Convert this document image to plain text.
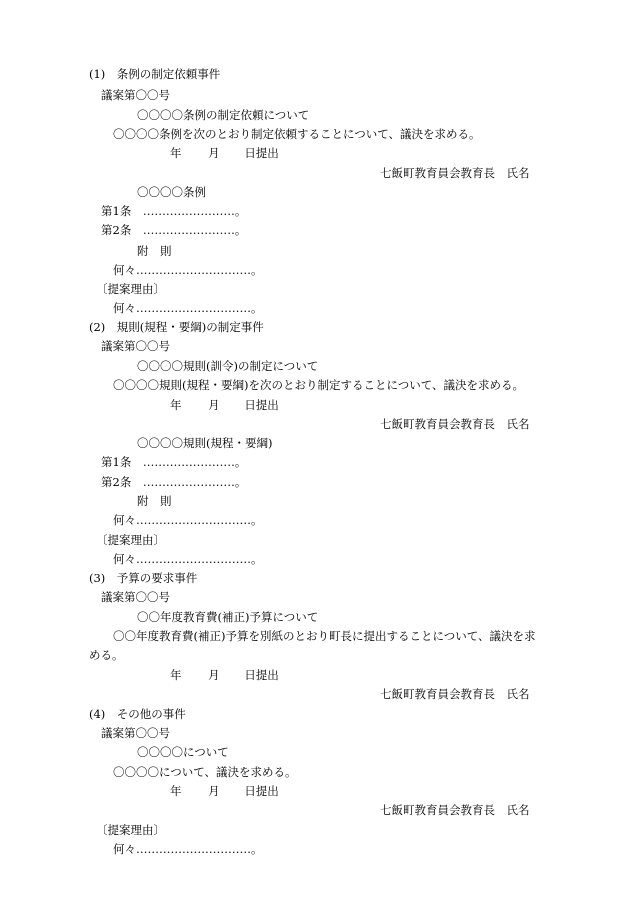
(1)　条例の制定依頼事件
議案第〇〇号
〇〇〇〇条例の制定依頼について
〇〇〇〇条例を次のとおり制定依頼することについて、議決を求める。
年 月 日提出
七飯町教育員会教育長　氏名
〇〇〇〇条例
第1条　……………………。
第2条　……………………。
附　則
何々…………………………。
〔提案理由〕
何々…………………………。
(2)　規則(規程・要綱)の制定事件
議案第〇〇号
〇〇〇〇規則(訓令)の制定について
〇〇〇〇規則(規程・要綱)を次のとおり制定することについて、議決を求める。
年 月 日提出
七飯町教育員会教育長　氏名
〇〇〇〇規則(規程・要綱)
第1条　……………………。
第2条　……………………。
附　則
何々…………………………。
〔提案理由〕
何々…………………………。
(3)　予算の要求事件
議案第〇〇号
〇〇年度教育費(補正)予算について
〇〇年度教育費(補正)予算を別紙のとおり町長に提出することについて、議決を求
める。
年 月 日提出
七飯町教育員会教育長　氏名
(4)　その他の事件
議案第〇〇号
〇〇〇〇について
〇〇〇〇について、議決を求める。
年 月 日提出
七飯町教育員会教育長　氏名
〔提案理由〕
何々…………………………。
